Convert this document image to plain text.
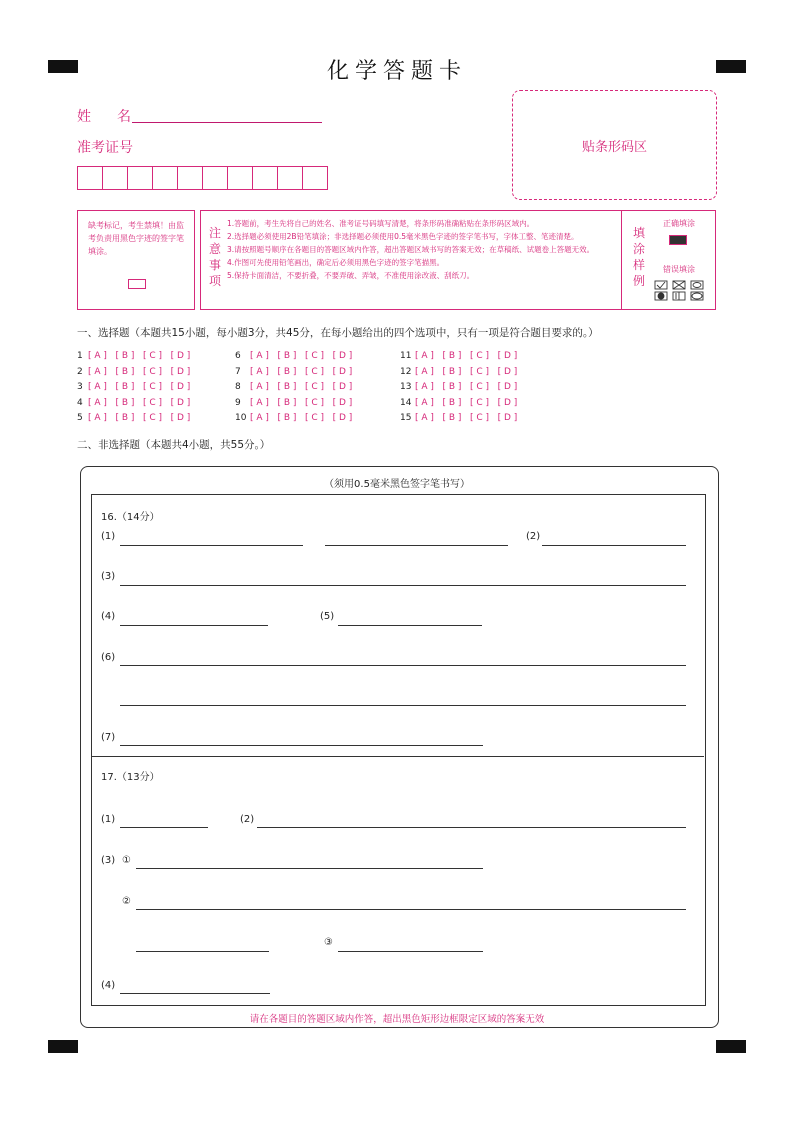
化学答题卡
姓　名
准考证号	贴条形码区
缺考标记，考生禁填！由监考负责用黑色字迹的签字笔填涂。
注
意
事
项
1.答题前，考生先将自己的姓名、准考证号码填写清楚，将条形码准确粘贴在条形码区域内。
2.选择题必须使用2B铅笔填涂；非选择题必须使用0.5毫米黑色字迹的签字笔书写，字体工整、笔迹清楚。
3.请按照题号顺序在各题目的答题区域内作答，超出答题区域书写的答案无效；在草稿纸、试题卷上答题无效。
4.作图可先使用铅笔画出，确定后必须用黑色字迹的签字笔描黑。
5.保持卡面清洁，不要折叠，不要弄破、弄皱，不准使用涂改液、刮纸刀。
填
涂
样
例
正确填涂
错误填涂
一、选择题（本题共15小题，每小题3分，共45分，在每小题给出的四个选项中，只有一项是符合题目要求的。）
1 [ A ]   [ B ]   [ C ]   [ D ]
2 [ A ]   [ B ]   [ C ]   [ D ]
3 [ A ]   [ B ]   [ C ]   [ D ]
4 [ A ]   [ B ]   [ C ]   [ D ]
5 [ A ]   [ B ]   [ C ]   [ D ]
6 [ A ]   [ B ]   [ C ]   [ D ]
7 [ A ]   [ B ]   [ C ]   [ D ]
8 [ A ]   [ B ]   [ C ]   [ D ]
9 [ A ]   [ B ]   [ C ]   [ D ]
10 [ A ]   [ B ]   [ C ]   [ D ]
11 [ A ]   [ B ]   [ C ]   [ D ]
12 [ A ]   [ B ]   [ C ]   [ D ]
13 [ A ]   [ B ]   [ C ]   [ D ]
14 [ A ]   [ B ]   [ C ]   [ D ]
15 [ A ]   [ B ]   [ C ]   [ D ]
二、非选择题（本题共4小题，共55分。）
（须用0.5毫米黑色签字笔书写）
16.（14分）
(1)	(2)
(3)
(4)	(5)
(6)
(7)
17.（13分）
(1)	(2)
(3) ①
②
③
(4)
请在各题目的答题区域内作答，超出黑色矩形边框限定区域的答案无效
